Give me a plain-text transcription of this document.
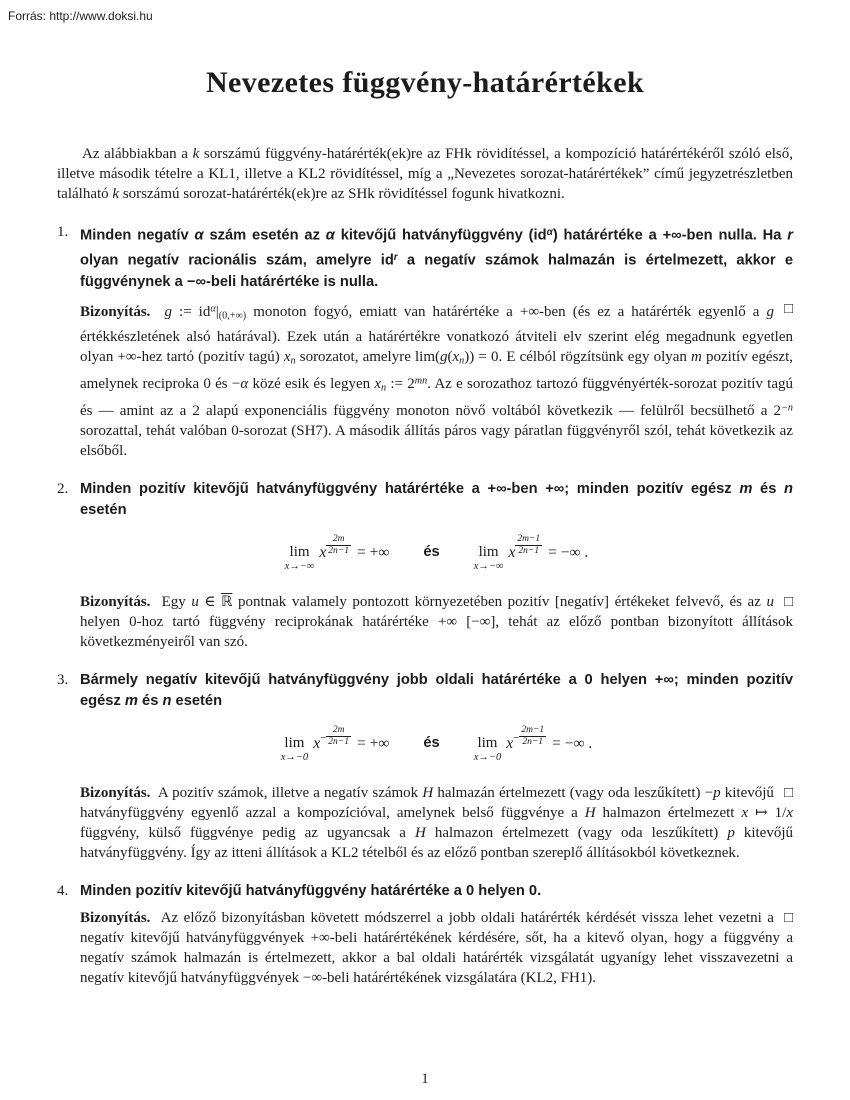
Forrás: http://www.doksi.hu
Nevezetes függvény-határértékek

Az alábbiakban a k sorszámú függvény-határérték(ek)re az FHk rövidítéssel, a kompozíció határértékéről szóló első, illetve második tételre a KL1, illetve a KL2 rövidítéssel, míg a „Nevezetes sorozat-határértékek” című jegyzetrészletben található k sorszámú sorozat-határérték(ek)re az SHk rövidítéssel fogunk hivatkozni.

1. Minden negatív α szám esetén az α kitevőjű hatványfüggvény $(id^\alpha)$ határértéke a +∞-ben nulla. Ha r olyan negatív racionális szám, amelyre $id^r$ a negatív számok halmazán is értelmezett, akkor e függvénynek a −∞-beli határértéke is nulla.

□
Bizonyítás. g := $id^\alpha|(0,+\infty)$ monoton fogyó, emiatt van határértéke a +∞-ben (és ez a határérték egyenlő a g értékkészletének alsó határával). Ezek után a határértékre vonatkozó átviteli elv szerint elég megadnunk egyetlen olyan +∞-hez tartó (pozitív tagú) xn sorozatot, amelyre lim(g(xn)) = 0. E célból rögzítsünk egy olyan m pozitív egészt, amelynek reciproka 0 és −α közé esik és legyen xn := $2^{mn}$. Az e sorozathoz tartozó függvényérték-sorozat pozitív tagú és — amint az a 2 alapú exponenciális függvény monoton növő voltából következik — felülről becsülhető a $2^{-n}$ sorozattal, tehát valóban 0-sorozat (SH7). A második állítás páros vagy páratlan függvényről szól, tehát következik az elsőből.

2. Minden pozitív kitevőjű hatványfüggvény határértéke a +∞-ben +∞; minden pozitív egész m és n esetén

lim
x→−∞
x $\frac{2m}{2n-1}$ = +∞ és	lim
x→−∞
x $\frac{2m-1}{2n-1}$ = −∞ .

□
Bizonyítás.  Egy u ∈ ℝ pontnak valamely pontozott környezetében pozitív [negatív] értékeket felvevő, és az u helyen 0-hoz tartó függvény reciprokának határértéke +∞ [−∞], tehát az előző pontban bizonyított állítások következményeiről van szó.

3. Bármely negatív kitevőjű hatványfüggvény jobb oldali határértéke a 0 helyen +∞; minden pozitív egész m és n esetén

lim
x→−0
$x^- \frac{2m}{2n-1}$ = +∞ és	lim
x→−0
$x^- \frac{2m-1}{2n-1}$ = −∞ .

□
Bizonyítás.  A pozitív számok, illetve a negatív számok H halmazán értelmezett (vagy oda leszűkített) −p kitevőjű hatványfüggvény egyenlő azzal a kompozícióval, amelynek belső függvénye a H halmazon értelmezett x ↦ 1/x függvény, külső függvénye pedig az ugyancsak a H halmazon értelmezett (vagy oda leszűkített) p kitevőjű hatványfüggvény. Így az itteni állítások a KL2 tételből és az előző pontban szereplő állításokból következnek.

4. Minden pozitív kitevőjű hatványfüggvény határértéke a 0 helyen 0.

□
Bizonyítás.  Az előző bizonyításban követett módszerrel a jobb oldali határérték kérdését vissza lehet vezetni a negatív kitevőjű hatványfüggvények +∞-beli határértékének kérdésére, sőt, ha a kitevő olyan, hogy a függvény a negatív számok halmazán is értelmezett, akkor a bal oldali határérték vizsgálatát ugyanígy lehet visszavezetni a negatív kitevőjű hatványfüggvények −∞-beli határértékének vizsgálatára (KL2, FH1).

1
